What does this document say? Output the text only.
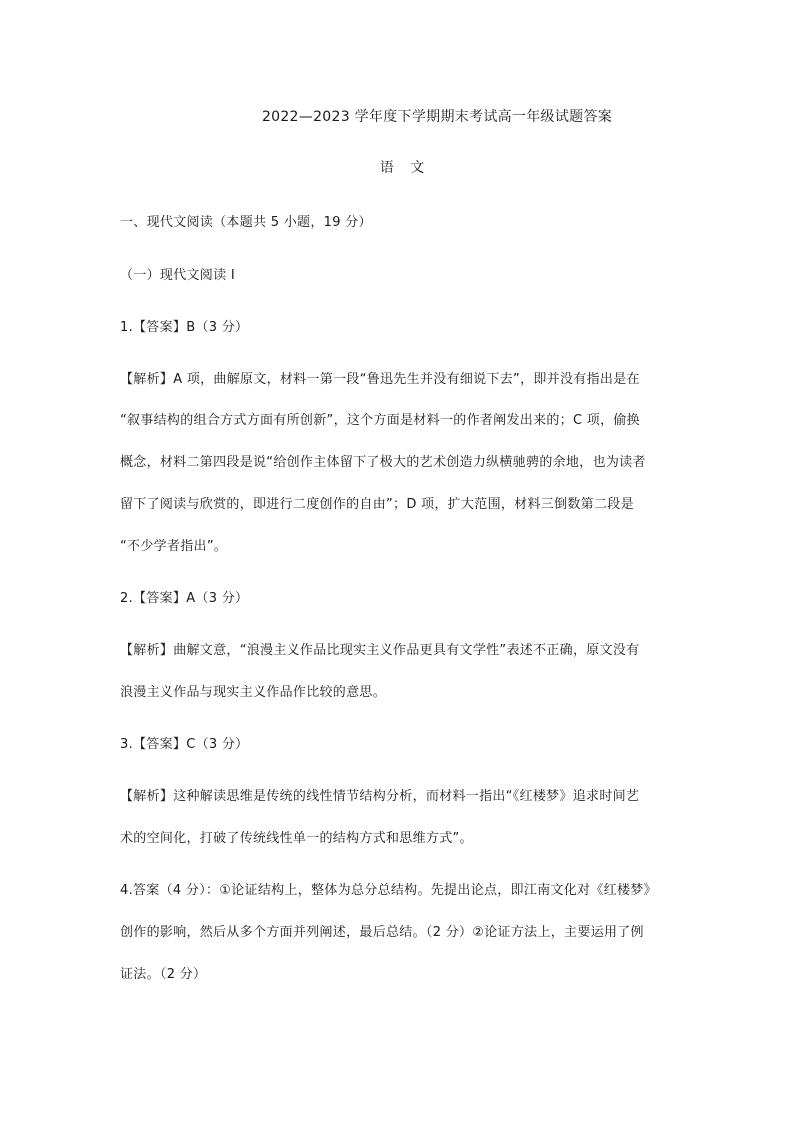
2022—2023 学年度下学期期末考试高一年级试题答案
语 文
一、现代文阅读（本题共 5 小题，19 分）
（一）现代文阅读 I
1.【答案】B（3 分）
【解析】A 项，曲解原文，材料一第一段“鲁迅先生并没有细说下去”，即并没有指出是在
“叙事结构的组合方式方面有所创新”，这个方面是材料一的作者阐发出来的；C 项，偷换
概念，材料二第四段是说“给创作主体留下了极大的艺术创造力纵横驰骋的余地，也为读者
留下了阅读与欣赏的，即进行二度创作的自由”；D 项，扩大范围，材料三倒数第二段是
“不少学者指出”。
2.【答案】A（3 分）
【解析】曲解文意，“浪漫主义作品比现实主义作品更具有文学性”表述不正确，原文没有
浪漫主义作品与现实主义作品作比较的意思。
3.【答案】C（3 分）
【解析】这种解读思维是传统的线性情节结构分析，而材料一指出“《红楼梦》追求时间艺
术的空间化，打破了传统线性单一的结构方式和思维方式”。
4.答案（4 分）：①论证结构上，整体为总分总结构。先提出论点，即江南文化对《红楼梦》
创作的影响，然后从多个方面并列阐述，最后总结。（2 分）②论证方法上，主要运用了例
证法。（2 分）
